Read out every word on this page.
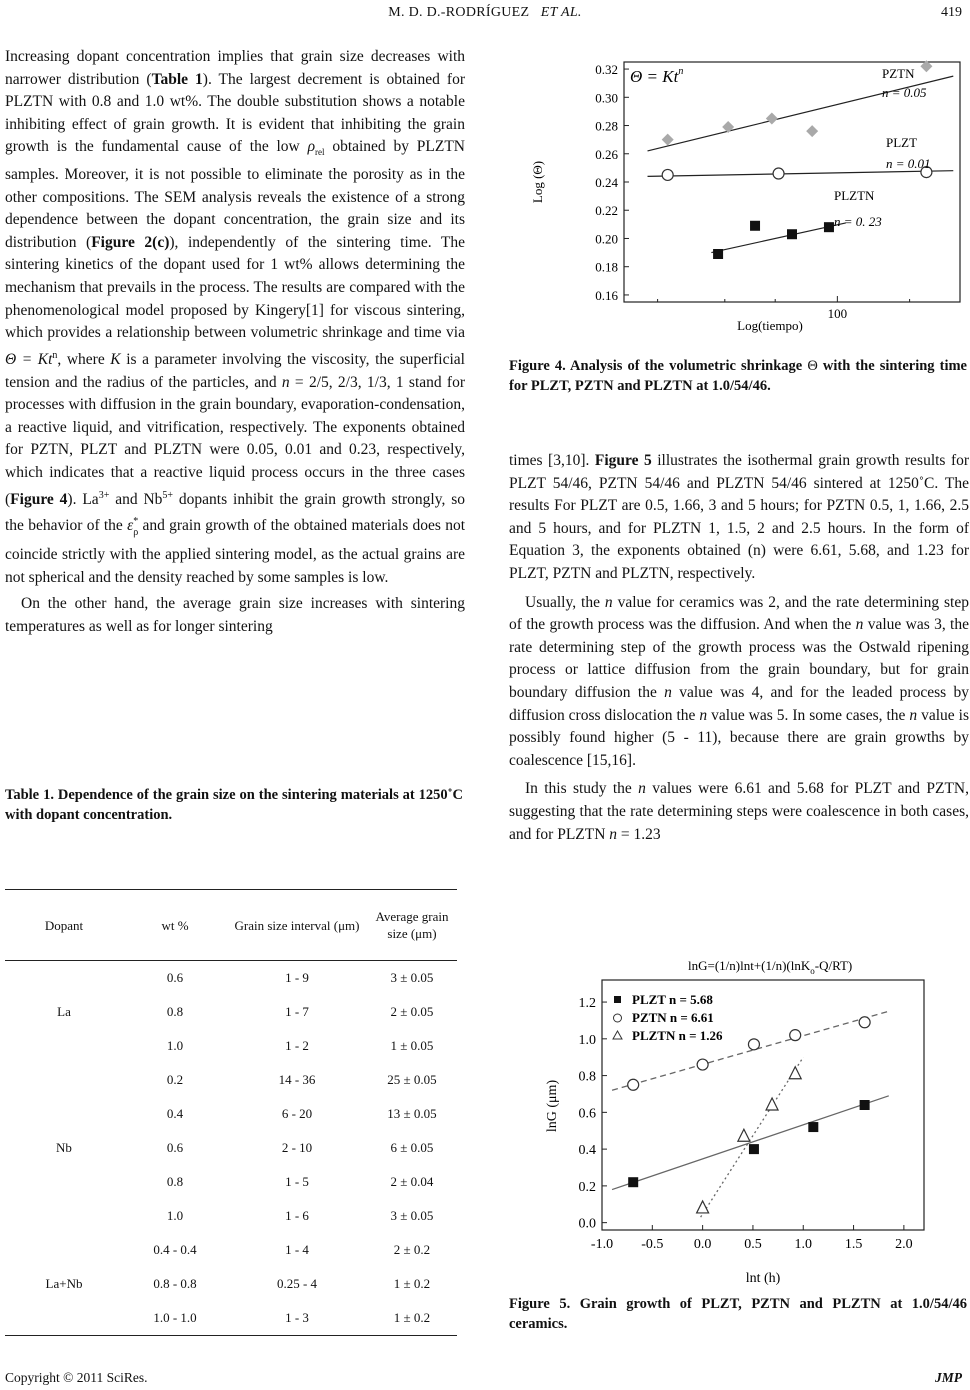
M. D. D.-RODRÍGUEZ ET AL.	419

Increasing dopant concentration implies that grain size decreases with narrower distribution (Table 1). The largest decrement is obtained for PLZTN with 0.8 and 1.0 wt%. The double substitution shows a notable inhibiting effect of grain growth. It is evident that inhibiting the grain growth is the fundamental cause of the low $\rho_{rel}$ obtained by PLZTN samples. Moreover, it is not possible to eliminate the porosity as in the other compositions. The SEM analysis reveals the existence of a strong dependence between the dopant concentration, the grain size and its distribution (Figure 2(c)), independently of the sintering time. The sintering kinetics of the dopant used for 1 wt% allows determining the mechanism that prevails in the process. The results are compared with the phenomenological model proposed by Kingery[1] for viscous sintering, which provides a relationship between volumetric shrinkage and time via $\Theta = Kt^n$, where K is a parameter involving the viscosity, the superficial tension and the radius of the particles, and n = 2/5, 2/3, 1/3, 1 stand for processes with diffusion in the grain boundary, evaporation-condensation, a reactive liquid, and vitrification, respectively. The exponents obtained for PZTN, PLZT and PLZTN were 0.05, 0.01 and 0.23, respectively, which indicates that a reactive liquid process occurs in the three cases (Figure 4). $La^{3+}$ and $Nb^{5+}$ dopants inhibit the grain growth strongly, so the behavior of the $\varepsilon^*_\rho$ and grain growth of the obtained materials does not coincide strictly with the applied sintering model, as the actual grains are not spherical and the density reached by some samples is low.

On the other hand, the average grain size increases with sintering temperatures as well as for longer sintering

Table 1. Dependence of the grain size on the sintering materials at 1250˚C with dopant concentration.
Dopant	wt %	Grain size interval (μm)	Average grain size (μm)
	0.6	1 - 9	3 ± 0.05
La	0.8	1 - 7	2 ± 0.05
	1.0	1 - 2	1 ± 0.05
	0.2	14 - 36	25 ± 0.05
	0.4	6 - 20	13 ± 0.05
Nb	0.6	2 - 10	6 ± 0.05
	0.8	1 - 5	2 ± 0.04
	1.0	1 - 6	3 ± 0.05
	0.4 - 0.4	1 - 4	2 ± 0.2
La+Nb	0.8 - 0.8	0.25 - 4	1 ± 0.2
	1.0 - 1.0	1 - 3	1 ± 0.2
$\Theta = Kt^n$
0.16
0.18
0.20
0.22
0.24
0.26
0.28
0.30
0.32
100
PZTN
n = 0.05
PLZT
n = 0.01
PLZTN
n = 0. 23
Log(tiempo)
Log (Θ)
Figure 4. Analysis of the volumetric shrinkage Θ with the sintering time for PLZT, PZTN and PLZTN at 1.0/54/46.

times [3,10]. Figure 5 illustrates the isothermal grain growth results for PLZT 54/46, PZTN 54/46 and PLZTN 54/46 sintered at 1250˚C. The results For PLZT are 0.5, 1.66, 3 and 5 hours; for PZTN 0.5, 1, 1.66, 2.5 and 5 hours, and for PLZTN 1, 1.5, 2 and 2.5 hours. In the form of Equation 3, the exponents obtained (n) were 6.61, 5.68, and 1.23 for PLZT, PZTN and PLZTN, respectively.

Usually, the n value for ceramics was 2, and the rate determining step of the growth process was the diffusion. And when the n value was 3, the rate determining step of the growth process was the Ostwald ripening process or lattice diffusion from the grain boundary, but for grain boundary diffusion the n value was 4, and for the leaded process by diffusion cross dislocation the n value was 5. In some cases, the n value is possibly found higher (5 - 11), because there are grain growths by coalescence [15,16].

In this study the n values were 6.61 and 5.68 for PLZT and PZTN, suggesting that the rate determining steps were coalescence in both cases, and for PLZTN n = 1.23

lnG=(1/n)lnt+(1/n)(lnK$_o$-Q/RT)
PLZT n = 5.68
PZTN n = 6.61
PLZTN n = 1.26
0.0
0.2
0.4
0.6
0.8
1.0
1.2
-1.0 -0.5 0.0 0.5 1.0 1.5 2.0
lnt (h)
lnG (μm)
Figure 5. Grain growth of PLZT, PZTN and PLZTN at 1.0/54/46 ceramics.
Copyright © 2011 SciRes.	JMP
